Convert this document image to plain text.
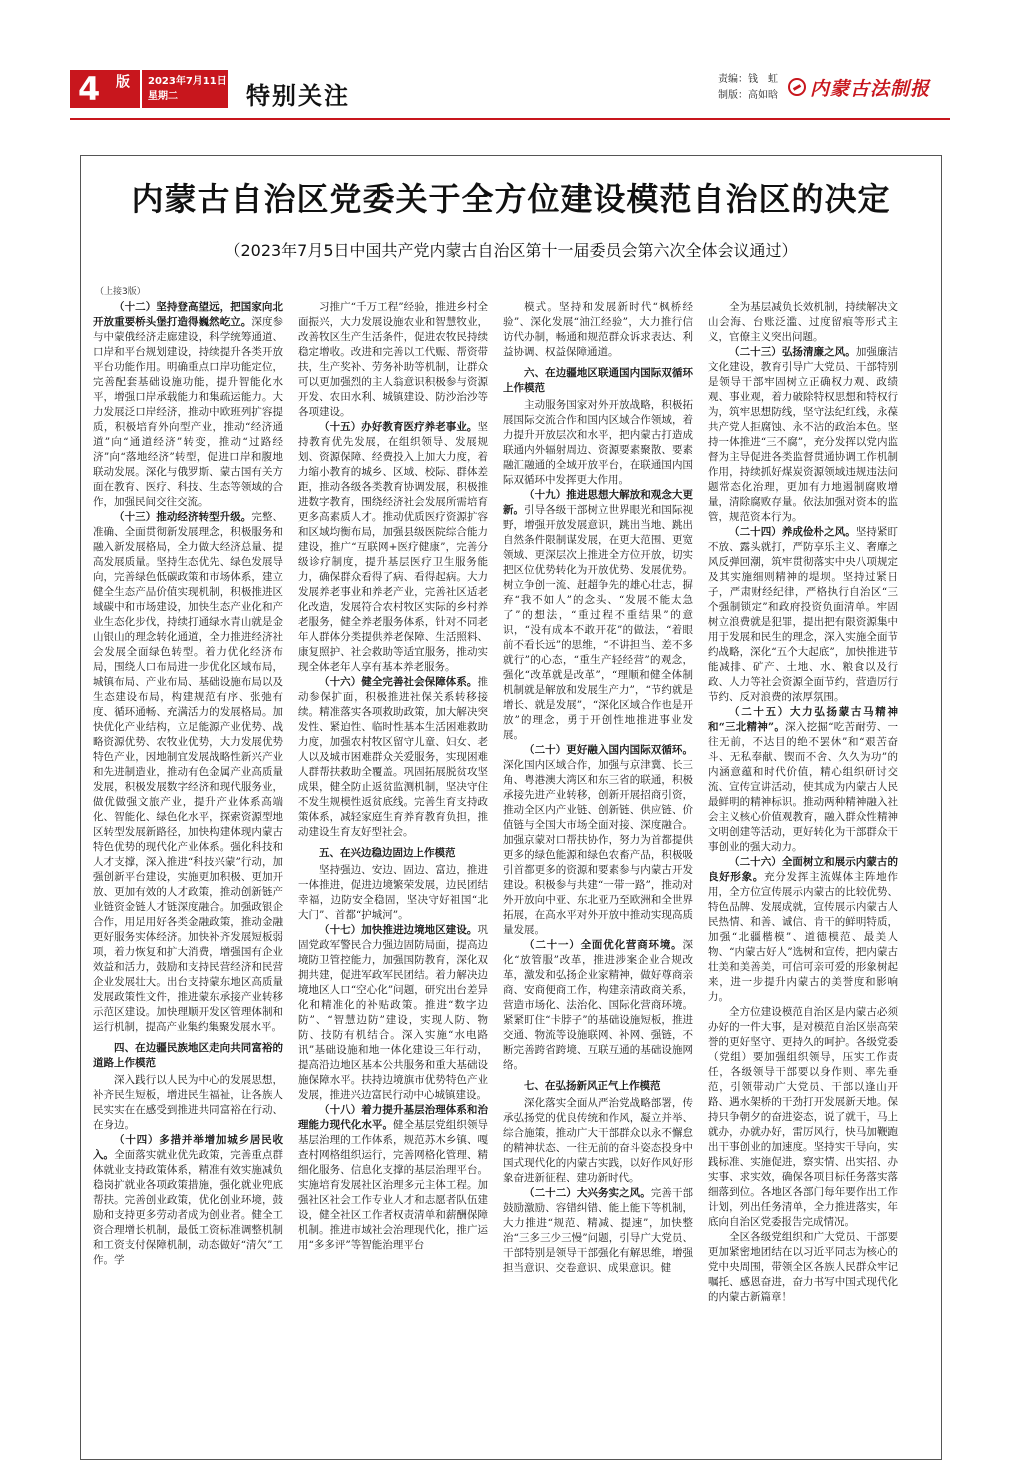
4 版 2023年7月11日
星期二	特别关注
责编：钱　虹
制版：高如晗 内蒙古法制报
内蒙古自治区党委关于全方位建设模范自治区的决定
（2023年7月5日中国共产党内蒙古自治区第十一届委员会第六次全体会议通过）
（上接3版）

（十二）坚持登高望远，把国家向北开放重要桥头堡打造得巍然屹立。深度参与中蒙俄经济走廊建设，科学统筹通道、口岸和平台规划建设，持续提升各类开放平台功能作用。明确重点口岸功能定位，完善配套基础设施功能，提升智能化水平，增强口岸承载能力和集疏运能力。大力发展泛口岸经济，推动中欧班列扩容提质，积极培育外向型产业，推动“经济通道”向“通道经济”转变，推动“过路经济”向“落地经济”转型，促进口岸和腹地联动发展。深化与俄罗斯、蒙古国有关方面在教育、医疗、科技、生态等领域的合作，加强民间交往交流。

（十三）推动经济转型升级。完整、准确、全面贯彻新发展理念，积极服务和融入新发展格局，全力做大经济总量、提高发展质量。坚持生态优先、绿色发展导向，完善绿色低碳政策和市场体系，建立健全生态产品价值实现机制，积极推进区域碳中和市场建设，加快生态产业化和产业生态化步伐，持续打通绿水青山就是金山银山的理念转化通道，全力推进经济社会发展全面绿色转型。着力优化经济布局，围绕人口布局进一步优化区域布局，城镇布局、产业布局、基础设施布局以及生态建设布局，构建规范有序、张弛有度、循环通畅、充满活力的发展格局。加快优化产业结构，立足能源产业优势、战略资源优势、农牧业优势，大力发展优势特色产业，因地制宜发展战略性新兴产业和先进制造业，推动有色金属产业高质量发展，积极发展数字经济和现代服务业，做优做强文旅产业，提升产业体系高端化、智能化、绿色化水平，探索资源型地区转型发展新路径，加快构建体现内蒙古特色优势的现代化产业体系。强化科技和人才支撑，深入推进“科技兴蒙”行动，加强创新平台建设，实施更加积极、更加开放、更加有效的人才政策，推动创新链产业链资金链人才链深度融合。加强政银企合作，用足用好各类金融政策，推动金融更好服务实体经济。加快补齐发展短板弱项，着力恢复和扩大消费，增强国有企业效益和活力，鼓励和支持民营经济和民营企业发展壮大。出台支持蒙东地区高质量发展政策性文件，推进蒙东承接产业转移示范区建设。加快理顺开发区管理体制和运行机制，提高产业集约集聚发展水平。

四、在边疆民族地区走向共同富裕的道路上作模范

深入践行以人民为中心的发展思想，补齐民生短板，增进民生福祉，让各族人民实实在在感受到推进共同富裕在行动、在身边。

（十四）多措并举增加城乡居民收入。全面落实就业优先政策，完善重点群体就业支持政策体系，精准有效实施减负稳岗扩就业各项政策措施，强化就业兜底帮扶。完善创业政策，优化创业环境，鼓励和支持更多劳动者成为创业者。健全工资合理增长机制，最低工资标准调整机制和工资支付保障机制，动态做好“清欠”工作。学

习推广“千万工程”经验，推进乡村全面振兴，大力发展设施农业和智慧牧业，改善牧区生产生活条件，促进农牧民持续稳定增收。改进和完善以工代赈、帮资带扶，生产奖补、劳务补助等机制，让群众可以更加强烈的主人翁意识积极参与资源开发、农田水利、城镇建设、防沙治沙等各项建设。

（十五）办好教育医疗养老事业。坚持教育优先发展，在组织领导、发展规划、资源保障、经费投入上加大力度，着力缩小教育的城乡、区域、校际、群体差距，推动各级各类教育协调发展，积极推进数字教育，围绕经济社会发展所需培育更多高素质人才。推动优质医疗资源扩容和区域均衡布局，加强县级医院综合能力建设，推广“互联网+医疗健康”，完善分级诊疗制度，提升基层医疗卫生服务能力，确保群众看得了病、看得起病。大力发展养老事业和养老产业，完善社区适老化改造，发展符合农村牧区实际的乡村养老服务，健全养老服务体系，针对不同老年人群体分类提供养老保障、生活照料、康复照护、社会救助等适宜服务，推动实现全体老年人享有基本养老服务。

（十六）健全完善社会保障体系。推动参保扩面，积极推进社保关系转移接续。精准落实各项救助政策，加大解决突发性、紧迫性、临时性基本生活困难救助力度，加强农村牧区留守儿童、妇女、老人以及城市困难群众关爱服务，实现困难人群帮扶救助全覆盖。巩固拓展脱贫攻坚成果，健全防止返贫监测机制，坚决守住不发生规模性返贫底线。完善生育支持政策体系，减轻家庭生育养育教育负担，推动建设生育友好型社会。

五、在兴边稳边固边上作模范

坚持强边、安边、固边、富边，推进一体推进，促进边境繁荣发展，边民团结幸福，边防安全稳固，坚决守好祖国“北大门”、首都“护城河”。

（十七）加快推进边境地区建设。巩固党政军警民合力强边固防局面，提高边境防卫管控能力，加强国防教育，深化双拥共建，促进军政军民团结。着力解决边境地区人口“空心化”问题，研究出台差异化和精准化的补贴政策。推进“数字边防”、“智慧边防”建设，实现人防、物防、技防有机结合。深入实施“水电路讯”基础设施和地一体化建设三年行动，提高沿边地区基本公共服务和重大基础设施保障水平。扶持边境旗市优势特色产业发展，推进兴边富民行动中心城镇建设。

（十八）着力提升基层治理体系和治理能力现代化水平。健全基层党组织领导基层治理的工作体系，规范苏木乡镇、嘎查村网格组织运行，完善网格化管理、精细化服务、信息化支撑的基层治理平台。实施培育发展社区治理多元主体工程。加强社区社会工作专业人才和志愿者队伍建设，健全社区工作者权责清单和薪酬保障机制。推进市域社会治理现代化，推广运用“多多评”等智能治理平台

模式。坚持和发展新时代“枫桥经验”、深化发展“油江经验”，大力推行信访代办制，畅通和规范群众诉求表达、利益协调、权益保障通道。

六、在边疆地区联通国内国际双循环上作模范

主动服务国家对外开放战略，积极拓展国际交流合作和国内区域合作领域，着力提升开放层次和水平，把内蒙古打造成联通内外辐射周边、资源要素聚散、要素融汇融通的全域开放平台，在联通国内国际双循环中发挥更大作用。

（十九）推进思想大解放和观念大更新。引导各级干部树立世界眼光和国际视野，增强开放发展意识，跳出当地、跳出自然条件限制谋发展，在更大范围、更宽领域、更深层次上推进全方位开放，切实把区位优势转化为开放优势、发展优势。树立争创一流、赶超争先的雄心壮志，摒弃“我不如人”的念头、“发展不能太急了”的想法，“重过程不重结果”的意识，“没有成本不敢开花”的做法，“着眼前不看长远”的思维，“不讲担当、差不多就行”的心态，“重生产轻经营”的观念，强化“改革就是改革”，“理顺和健全体制机制就是解放和发展生产力”，“节约就是增长、就是发展”，“深化区域合作也是开放”的理念，勇于开创性地推进事业发展。

（二十）更好融入国内国际双循环。深化国内区域合作，加强与京津冀、长三角、粤港澳大湾区和东三省的联通，积极承接先进产业转移，创新开展招商引资，推动全区内产业链、创新链、供应链、价值链与全国大市场全面对接、深度融合。加强京蒙对口帮扶协作，努力为首都提供更多的绿色能源和绿色农畜产品，积极吸引首都更多的资源和要素参与内蒙古开发建设。积极参与共建“一带一路”，推动对外开放向中亚、东北亚乃至欧洲和全世界拓展，在高水平对外开放中推动实现高质量发展。

（二十一）全面优化营商环境。深化“放管服”改革，推进涉案企业合规改革，激发和弘扬企业家精神，做好尊商亲商、安商便商工作，构建亲清政商关系，营造市场化、法治化、国际化营商环境。紧紧盯住“卡脖子”的基础设施短板，推进交通、物流等设施联网、补网、强链，不断完善跨省跨境、互联互通的基础设施网络。

七、在弘扬新风正气上作模范

深化落实全面从严治党战略部署，传承弘扬党的优良传统和作风，凝立并举、综合施策，推动广大干部群众以永不懈怠的精神状态、一往无前的奋斗姿态投身中国式现代化的内蒙古实践，以好作风好形象奋进新征程、建功新时代。

（二十二）大兴务实之风。完善干部鼓励激励、容错纠错、能上能下等机制，大力推进“规范、精减、提速”，加快整治“三多三少三慢”问题，引导广大党员、干部特别是领导干部强化有解思维，增强担当意识、交卷意识、成果意识。健

全为基层减负长效机制，持续解决文山会海、台账泛滥、过度留痕等形式主义，官僚主义突出问题。

（二十三）弘扬清廉之风。加强廉洁文化建设，教育引导广大党员、干部特别是领导干部牢固树立正确权力观、政绩观、事业观，着力破除特权思想和特权行为，筑牢思想防线，坚守法纪红线，永葆共产党人拒腐蚀、永不沾的政治本色。坚持一体推进“三不腐”，充分发挥以党内监督为主导促进各类监督贯通协调工作机制作用，持续抓好煤炭资源领域违规违法问题常态化治理，更加有力地遏制腐败增量，清除腐败存量。依法加强对资本的监管，规范资本行为。

（二十四）养成俭朴之风。坚持紧盯不放、露头就打，严防享乐主义、奢靡之风反弹回潮，筑牢贯彻落实中央八项规定及其实施细则精神的堤坝。坚持过紧日子，严肃财经纪律，严格执行自治区“三个强制锁定”和政府投资负面清单。牢固树立浪费就是犯罪，提出把有限资源集中用于发展和民生的理念，深入实施全面节约战略，深化“五个大起底”，加快推进节能减排、矿产、土地、水、粮食以及行政、人力等社会资源全面节约，营造厉行节约、反对浪费的浓厚氛围。

（二十五）大力弘扬蒙古马精神和“三北精神”。深入挖掘“吃苦耐劳、一往无前，不达目的绝不罢休”和“艰苦奋斗、无私奉献、锲而不舍、久久为功”的内涵意蕴和时代价值，精心组织研讨交流、宣传宣讲活动，使其成为内蒙古人民最鲜明的精神标识。推动两种精神融入社会主义核心价值观教育，融入群众性精神文明创建等活动，更好转化为干部群众干事创业的强大动力。

（二十六）全面树立和展示内蒙古的良好形象。充分发挥主流媒体主阵地作用，全方位宣传展示内蒙古的比较优势、特色品牌、发展成就，宣传展示内蒙古人民热情、和善、诚信、肯干的鲜明特质，加强“北疆楷模”、道德模范、最美人物、“内蒙古好人”选树和宣传，把内蒙古壮美和美善美，可信可亲可爱的形象树起来，进一步提升内蒙古的美誉度和影响力。

全方位建设模范自治区是内蒙古必须办好的一件大事，是对模范自治区崇高荣誉的更好坚守、更持久的呵护。各级党委（党组）要加强组织领导，压实工作责任，各级领导干部要以身作则、率先垂范，引领带动广大党员、干部以逢山开路、遇水架桥的干劲打开发展新天地。保持只争朝夕的奋进姿态，说了就干，马上就办，办就办好，雷厉风行，快马加鞭跑出干事创业的加速度。坚持实干导向，实践标准、实施促进，察实情、出实招、办实事、求实效，确保各项目标任务落实落细落到位。各地区各部门每年要作出工作计划，列出任务清单，全力推进落实，年底向自治区党委报告完成情况。

全区各级党组织和广大党员、干部要更加紧密地团结在以习近平同志为核心的党中央周围，带领全区各族人民群众牢记嘱托、感恩奋进，奋力书写中国式现代化的内蒙古新篇章！
